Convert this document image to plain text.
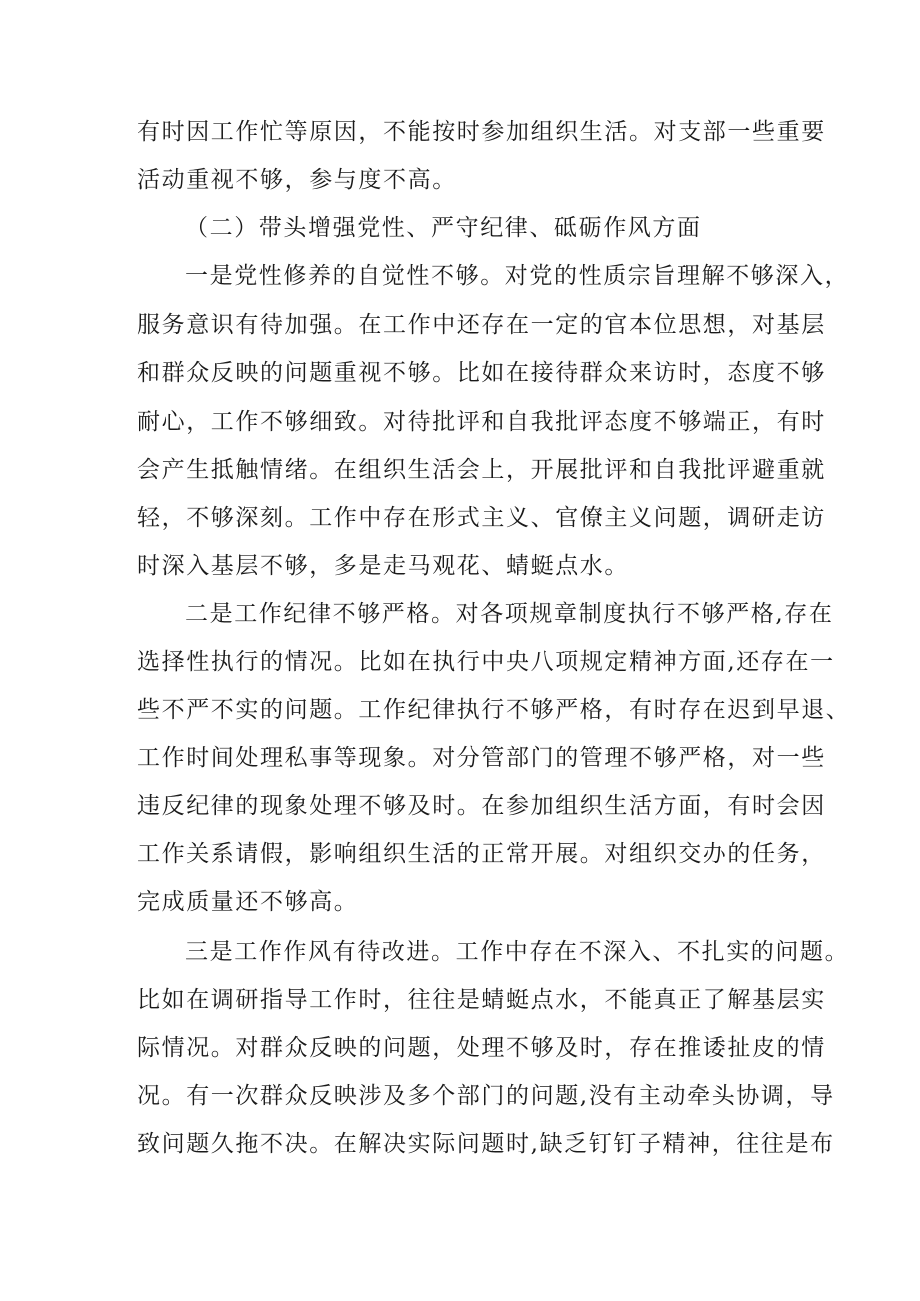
有时因工作忙等原因，不能按时参加组织生活。对支部一些重要
活动重视不够，参与度不高。
（二）带头增强党性、严守纪律、砥砺作风方面
一是党性修养的自觉性不够。对党的性质宗旨理解不够深入，
服务意识有待加强。在工作中还存在一定的官本位思想，对基层
和群众反映的问题重视不够。比如在接待群众来访时，态度不够
耐心，工作不够细致。对待批评和自我批评态度不够端正，有时
会产生抵触情绪。在组织生活会上，开展批评和自我批评避重就
轻，不够深刻。工作中存在形式主义、官僚主义问题，调研走访
时深入基层不够，多是走马观花、蜻蜓点水。
二是工作纪律不够严格。对各项规章制度执行不够严格,存在
选择性执行的情况。比如在执行中央八项规定精神方面,还存在一
些不严不实的问题。工作纪律执行不够严格，有时存在迟到早退、
工作时间处理私事等现象。对分管部门的管理不够严格，对一些
违反纪律的现象处理不够及时。在参加组织生活方面，有时会因
工作关系请假，影响组织生活的正常开展。对组织交办的任务，
完成质量还不够高。
三是工作作风有待改进。工作中存在不深入、不扎实的问题。
比如在调研指导工作时，往往是蜻蜓点水，不能真正了解基层实
际情况。对群众反映的问题，处理不够及时，存在推诿扯皮的情
况。有一次群众反映涉及多个部门的问题,没有主动牵头协调，导
致问题久拖不决。在解决实际问题时,缺乏钉钉子精神，往往是布
